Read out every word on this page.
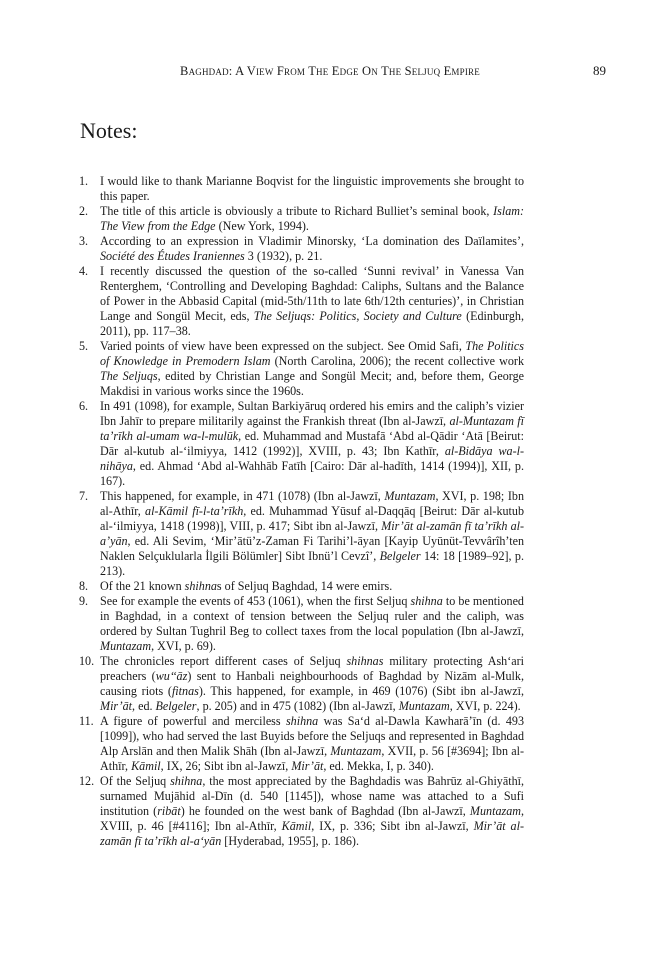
Baghdad: A View From The Edge On The Seljuq Empire	89
Notes:
1. I would like to thank Marianne Boqvist for the linguistic improvements she brought to this paper.
2. The title of this article is obviously a tribute to Richard Bulliet’s seminal book, Islam: The View from the Edge (New York, 1994).
3. According to an expression in Vladimir Minorsky, ‘La domination des Daïlamites’, Société des Études Iraniennes 3 (1932), p. 21.
4. I recently discussed the question of the so-called ‘Sunni revival’ in Vanessa Van Renterghem, ‘Controlling and Developing Baghdad: Caliphs, Sultans and the Balance of Power in the Abbasid Capital (mid-5th/11th to late 6th/12th centuries)’, in Christian Lange and Songül Mecit, eds, The Seljuqs: Politics, Society and Culture (Edinburgh, 2011), pp. 117–38.
5. Varied points of view have been expressed on the subject. See Omid Safi, The Politics of Knowledge in Premodern Islam (North Carolina, 2006); the recent collective work The Seljuqs, edited by Christian Lange and Songül Mecit; and, before them, George Makdisi in various works since the 1960s.
6. In 491 (1098), for example, Sultan Barkiyāruq ordered his emirs and the caliph’s vizier Ibn Jahīr to prepare militarily against the Frankish threat (Ibn al-Jawzī, al-Muntazam fī ta’rīkh al-umam wa-l-mulūk, ed. Muhammad and Mustafā ‘Abd al-Qādir ‘Atā [Beirut: Dār al-kutub al-‘ilmiyya, 1412 (1992)], XVIII, p. 43; Ibn Kathīr, al-Bidāya wa-l-nihāya, ed. Ahmad ‘Abd al-Wahhāb Fatīh [Cairo: Dār al-hadīth, 1414 (1994)], XII, p. 167).
7. This happened, for example, in 471 (1078) (Ibn al-Jawzī, Muntazam, XVI, p. 198; Ibn al-Athīr, al-Kāmil fī-l-ta’rīkh, ed. Muhammad Yūsuf al-Daqqāq [Beirut: Dār al-kutub al-‘ilmiyya, 1418 (1998)], VIII, p. 417; Sibt ibn al-Jawzī, Mir’āt al-zamān fī ta’rīkh al-a’yān, ed. Ali Sevim, ‘Mir’ātü’z-Zaman Fi Tarihi’l-āyan [Kayip Uyūnüt-Tevvârîh’ten Naklen Selçuklularla İlgili Bölümler] Sibt Ibnü’l Cevzî’, Belgeler 14: 18 [1989–92], p. 213).
8. Of the 21 known shihnas of Seljuq Baghdad, 14 were emirs.
9. See for example the events of 453 (1061), when the first Seljuq shihna to be mentioned in Baghdad, in a context of tension between the Seljuq ruler and the caliph, was ordered by Sultan Tughril Beg to collect taxes from the local population (Ibn al-Jawzī, Muntazam, XVI, p. 69).
10. The chronicles report different cases of Seljuq shihnas military protecting Ash‘ari preachers (wu‘‘āz) sent to Hanbali neighbourhoods of Baghdad by Nizām al-Mulk, causing riots (fitnas). This happened, for example, in 469 (1076) (Sibt ibn al-Jawzī, Mir’āt, ed. Belgeler, p. 205) and in 475 (1082) (Ibn al-Jawzī, Muntazam, XVI, p. 224).
11. A figure of powerful and merciless shihna was Sa‘d al-Dawla Kawharā’īn (d. 493 [1099]), who had served the last Buyids before the Seljuqs and represented in Baghdad Alp Arslān and then Malik Shāh (Ibn al-Jawzī, Muntazam, XVII, p. 56 [#3694]; Ibn al-Athīr, Kāmil, IX, 26; Sibt ibn al-Jawzī, Mir’āt, ed. Mekka, I, p. 340).
12. Of the Seljuq shihna, the most appreciated by the Baghdadis was Bahrūz al-Ghiyāthī, surnamed Mujāhid al-Dīn (d. 540 [1145]), whose name was attached to a Sufi institution (ribāt) he founded on the west bank of Baghdad (Ibn al-Jawzī, Muntazam, XVIII, p. 46 [#4116]; Ibn al-Athīr, Kāmil, IX, p. 336; Sibt ibn al-Jawzī, Mir’āt al-zamān fī ta’rīkh al-a‘yān [Hyderabad, 1955], p. 186).
